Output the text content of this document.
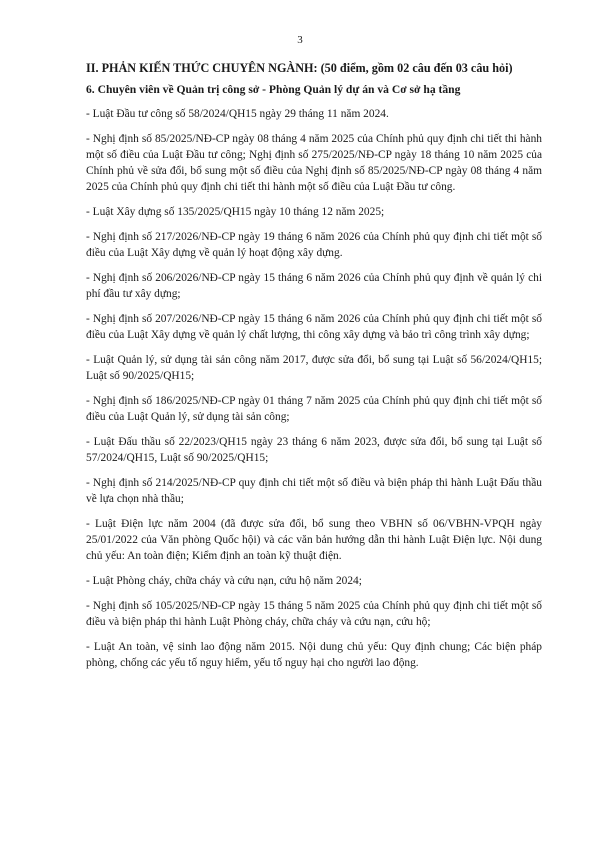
3
II. PHẢN KIẾN THỨC CHUYÊN NGÀNH: (50 điểm, gồm 02 câu đến 03 câu hỏi)
6. Chuyên viên về Quản trị công sở - Phòng Quản lý dự án và Cơ sở hạ tầng

- Luật Đầu tư công số 58/2024/QH15 ngày 29 tháng 11 năm 2024.

- Nghị định số 85/2025/NĐ-CP ngày 08 tháng 4 năm 2025 của Chính phủ quy định chi tiết thi hành một số điều của Luật Đầu tư công; Nghị định số 275/2025/NĐ-CP ngày 18 tháng 10 năm 2025 của Chính phủ về sửa đổi, bổ sung một số điều của Nghị định số 85/2025/NĐ-CP ngày 08 tháng 4 năm 2025 của Chính phủ quy định chi tiết thi hành một số điều của Luật Đầu tư công.

- Luật Xây dựng số 135/2025/QH15 ngày 10 tháng 12 năm 2025;

- Nghị định số 217/2026/NĐ-CP ngày 19 tháng 6 năm 2026 của Chính phủ quy định chi tiết một số điều của Luật Xây dựng về quản lý hoạt động xây dựng.

- Nghị định số 206/2026/NĐ-CP ngày 15 tháng 6 năm 2026 của Chính phủ quy định về quản lý chi phí đầu tư xây dựng;

- Nghị định số 207/2026/NĐ-CP ngày 15 tháng 6 năm 2026 của Chính phủ quy định chi tiết một số điều của Luật Xây dựng về quản lý chất lượng, thi công xây dựng và bảo trì công trình xây dựng;

- Luật Quản lý, sử dụng tài sản công năm 2017, được sửa đổi, bổ sung tại Luật số 56/2024/QH15; Luật số 90/2025/QH15;

- Nghị định số 186/2025/NĐ-CP ngày 01 tháng 7 năm 2025 của Chính phủ quy định chi tiết một số điều của Luật Quản lý, sử dụng tài sản công;

- Luật Đấu thầu số 22/2023/QH15 ngày 23 tháng 6 năm 2023, được sửa đổi, bổ sung tại Luật số 57/2024/QH15, Luật số 90/2025/QH15;

- Nghị định số 214/2025/NĐ-CP quy định chi tiết một số điều và biện pháp thi hành Luật Đấu thầu về lựa chọn nhà thầu;

- Luật Điện lực năm 2004 (đã được sửa đổi, bổ sung theo VBHN số 06/VBHN-VPQH ngày 25/01/2022 của Văn phòng Quốc hội) và các văn bản hướng dẫn thi hành Luật Điện lực. Nội dung chủ yếu: An toàn điện; Kiểm định an toàn kỹ thuật điện.

- Luật Phòng cháy, chữa cháy và cứu nạn, cứu hộ năm 2024;

- Nghị định số 105/2025/NĐ-CP ngày 15 tháng 5 năm 2025 của Chính phủ quy định chi tiết một số điều và biện pháp thi hành Luật Phòng cháy, chữa cháy và cứu nạn, cứu hộ;

- Luật An toàn, vệ sinh lao động năm 2015. Nội dung chủ yếu: Quy định chung; Các biện pháp phòng, chống các yếu tố nguy hiểm, yếu tố nguy hại cho người lao động.
